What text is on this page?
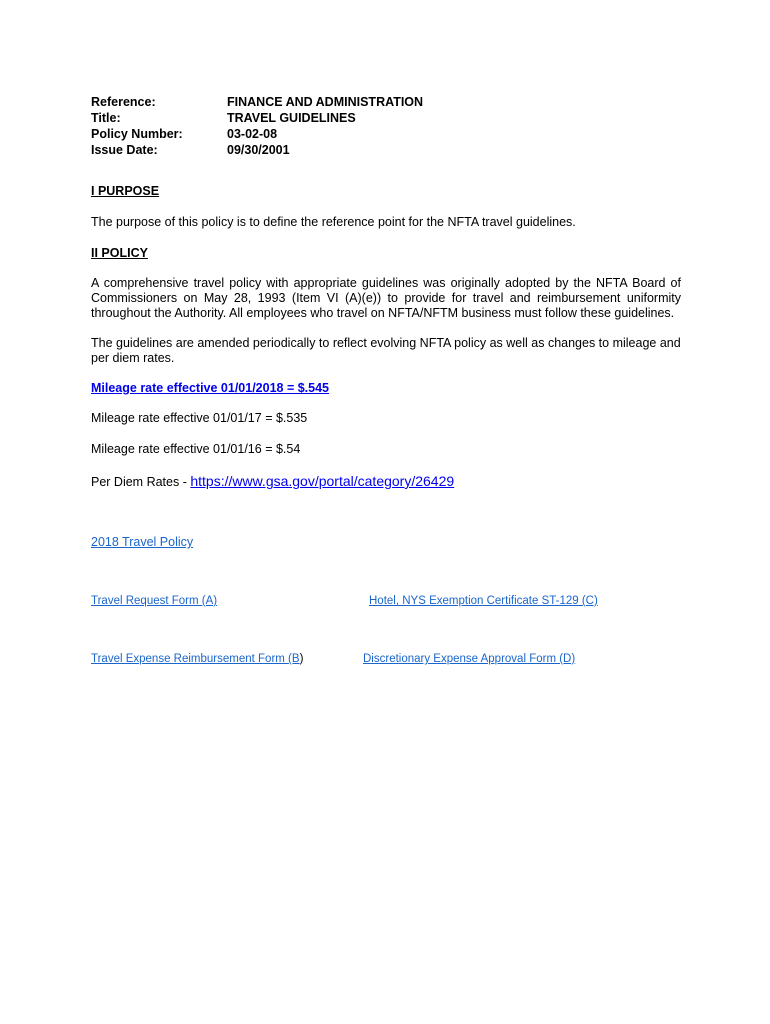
Reference:	FINANCE AND ADMINISTRATION
Title:	TRAVEL GUIDELINES
Policy Number:	03-02-08
Issue Date:	09/30/2001
I PURPOSE
The purpose of this policy is to define the reference point for the NFTA travel guidelines.
II POLICY
A comprehensive travel policy with appropriate guidelines was originally adopted by the NFTA Board of Commissioners on May 28, 1993 (Item VI (A)(e)) to provide for travel and reimbursement uniformity throughout the Authority. All employees who travel on NFTA/NFTM business must follow these guidelines.
The guidelines are amended periodically to reflect evolving NFTA policy as well as changes to mileage and per diem rates.
Mileage rate effective 01/01/2018 = $.545
Mileage rate effective 01/01/17 = $.535
Mileage rate effective 01/01/16 = $.54
Per Diem Rates - https://www.gsa.gov/portal/category/26429
2018 Travel Policy
Travel Request Form (A)	Hotel, NYS Exemption Certificate ST-129 (C)
Travel Expense Reimbursement Form (B)	Discretionary Expense Approval Form (D)
